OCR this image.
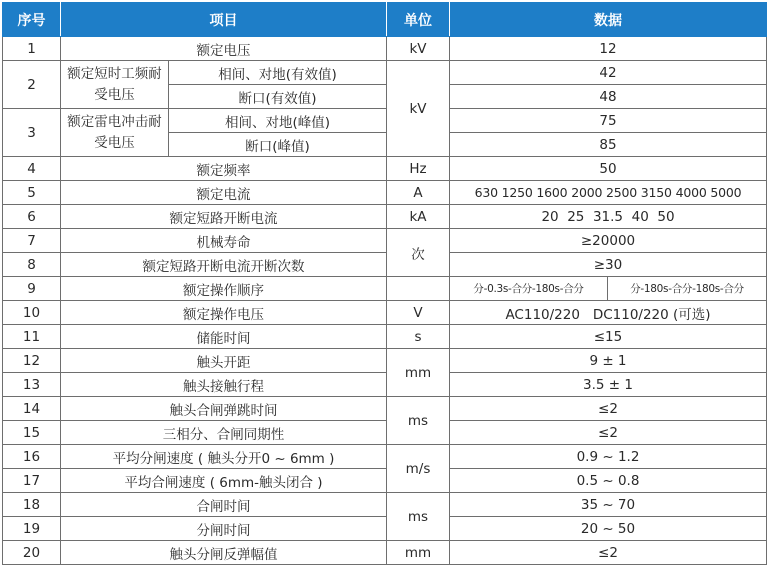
序号	项目		单位	数据	
1	额定电压		kV	12	
2	额定短时工频耐受电压	相间、对地(有效值)	kV	42	
		断口(有效值)		48	
3	额定雷电冲击耐受电压	相间、对地(峰值)		75	
		断口(峰值)		85	
4	额定频率		Hz	50	
5	额定电流		A	630 1250 1600 2000 2500 3150 4000 5000	
6	额定短路开断电流		kA	20  25  31.5  40  50	
7	机械寿命		次	≥20000	
8	额定短路开断电流开断次数			≥30	
9	额定操作顺序			分-0.3s-合分-180s-合分	分-180s-合分-180s-合分
10	额定操作电压		V	AC110/220   DC110/220 (可选)	
11	储能时间		s	≤15	
12	触头开距		mm	9 ± 1	
13	触头接触行程			3.5 ± 1	
14	触头合闸弹跳时间		ms	≤2	
15	三相分、合闸同期性			≤2	
16	平均分闸速度 ( 触头分开0 ~ 6mm )		m/s	0.9 ~ 1.2	
17	平均合闸速度 ( 6mm-触头闭合 )			0.5 ~ 0.8	
18	合闸时间		ms	35 ~ 70	
19	分闸时间			20 ~ 50	
20	触头分闸反弹幅值		mm	≤2	
